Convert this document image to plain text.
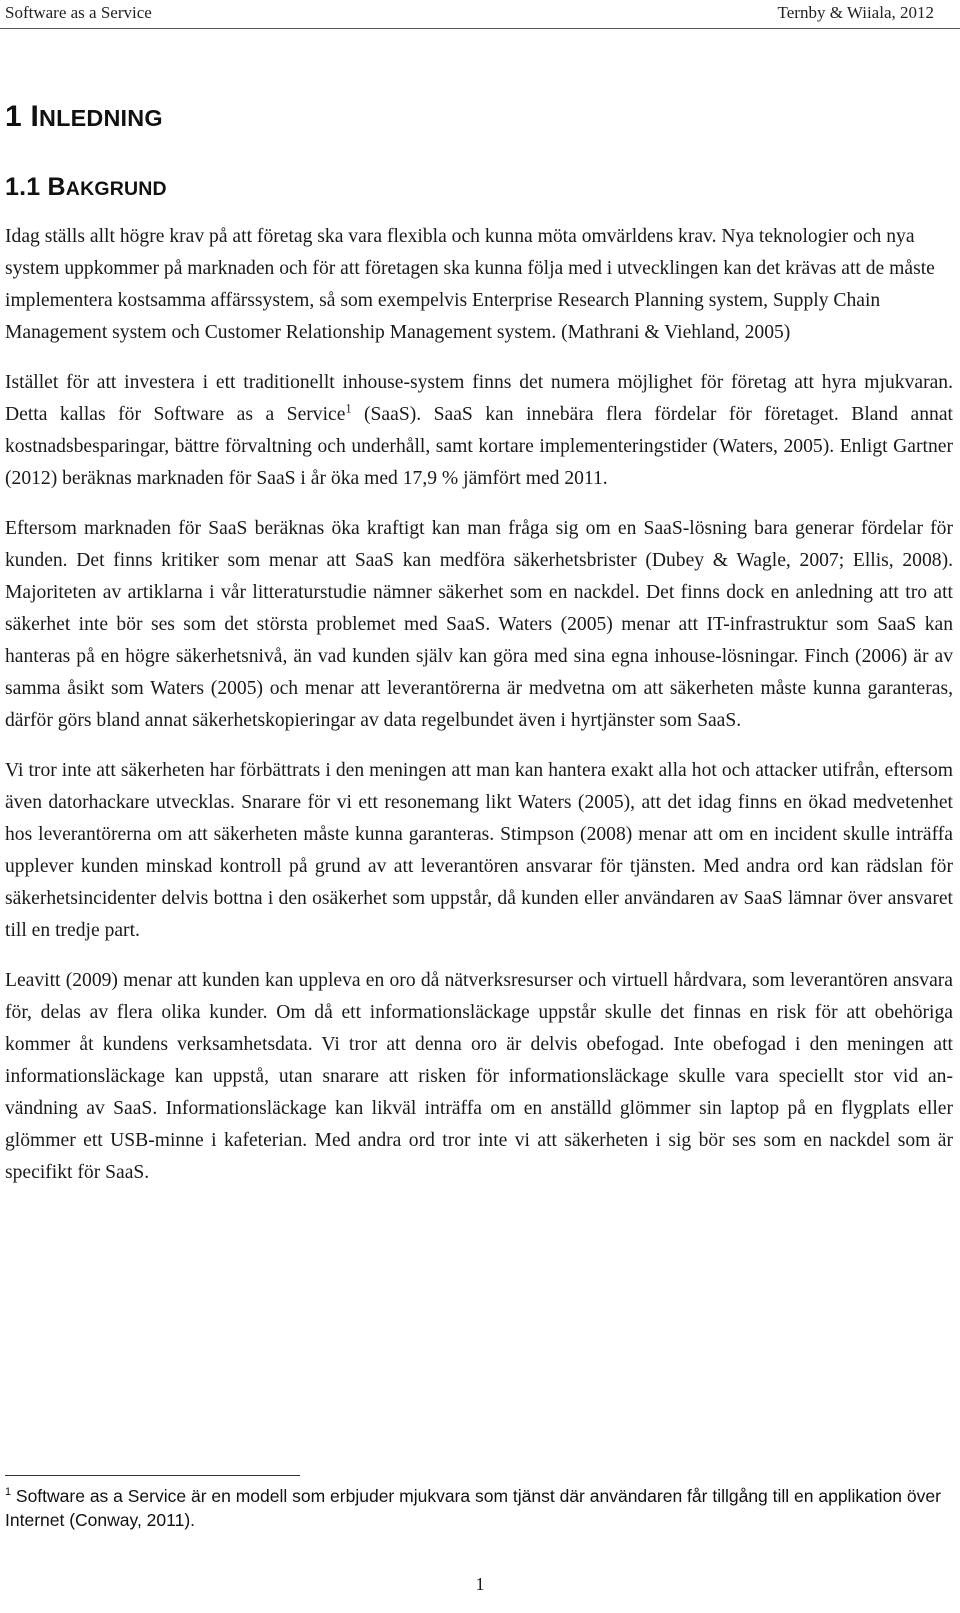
Software as a Service	Ternby & Wiiala, 2012
1 INLEDNING
1.1 BAKGRUND

Idag ställs allt högre krav på att företag ska vara flexibla och kunna möta omvärldens krav. Nya teknologier och nya system uppkommer på marknaden och för att företagen ska kunna följa med i utvecklingen kan det krävas att de måste implementera kostsamma affärssystem, så som exempelvis Enterprise Research Planning system, Supply Chain Management system och Customer Relationship Management system. (Mathrani & Viehland, 2005)

Istället för att investera i ett traditionellt inhouse-system finns det numera möjlighet för företag att hyra mjukvaran. Detta kallas för Software as a Service$^1$ (SaaS). SaaS kan innebära flera fördelar för företaget. Bland annat kostnadsbesparingar, bättre förvaltning och underhåll, samt kortare implementeringstider (Waters, 2005). Enligt Gartner (2012) beräknas marknaden för SaaS i år öka med 17,9 % jämfört med 2011.

Eftersom marknaden för SaaS beräknas öka kraftigt kan man fråga sig om en SaaS-lösning bara generar fördelar för kunden. Det finns kritiker som menar att SaaS kan medföra säkerhetsbrister (Dubey & Wagle, 2007; Ellis, 2008). Majoriteten av artiklarna i vår litteraturstudie nämner säkerhet som en nackdel. Det finns dock en anledning att tro att säkerhet inte bör ses som det största problemet med SaaS. Waters (2005) menar att IT-infrastruktur som SaaS kan hanteras på en högre säkerhetsnivå, än vad kunden själv kan göra med sina egna inhouse-lösningar. Finch (2006) är av samma åsikt som Waters (2005) och menar att leverantörerna är medvetna om att säkerheten måste kunna garanteras, därför görs bland annat säkerhetskopieringar av data regelbundet även i hyrtjänster som SaaS.

Vi tror inte att säkerheten har förbättrats i den meningen att man kan hantera exakt alla hot och attacker utifrån, eftersom även datorhackare utvecklas. Snarare för vi ett resonemang likt Waters (2005), att det idag finns en ökad medvetenhet hos leverantörerna om att säkerheten måste kunna garanteras. Stimpson (2008) menar att om en incident skulle inträffa upplever kunden minskad kontroll på grund av att leverantören ansvarar för tjänsten. Med andra ord kan rädslan för säkerhetsincidenter delvis bottna i den osäkerhet som uppstår, då kunden eller användaren av SaaS lämnar över ansvaret till en tredje part.

Leavitt (2009) menar att kunden kan uppleva en oro då nätverksresurser och virtuell hårdvara, som leverantören ansvara för, delas av flera olika kunder. Om då ett informationsläckage uppstår skulle det finnas en risk för att obehöriga kommer åt kundens verksamhetsdata. Vi tror att denna oro är delvis obefogad. Inte obefogad i den meningen att informationsläckage kan uppstå, utan snarare att risken för informationsläckage skulle vara speciellt stor vid an-vändning av SaaS. Informationsläckage kan likväl inträffa om en anställd glömmer sin laptop på en flygplats eller glömmer ett USB-minne i kafeterian. Med andra ord tror inte vi att säkerheten i sig bör ses som en nackdel som är specifikt för SaaS.

$^1$ Software as a Service är en modell som erbjuder mjukvara som tjänst där användaren får tillgång till en applikation över Internet (Conway, 2011).
1
